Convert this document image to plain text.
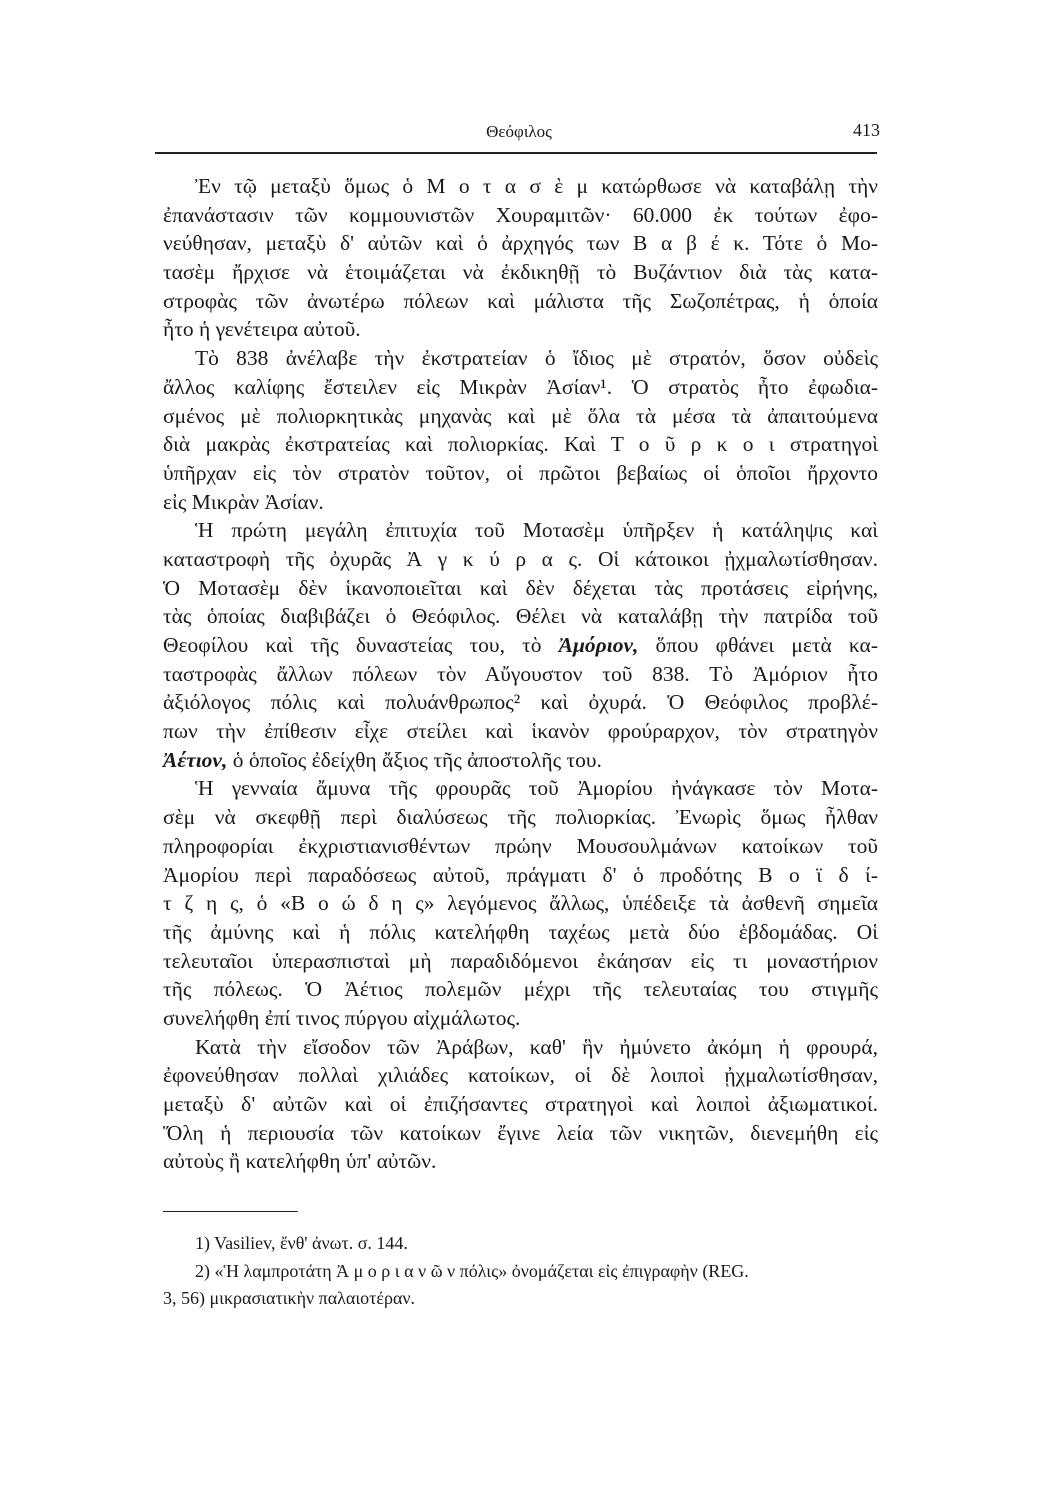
Θεόφιλος	413
Ἐν τῷ μεταξὺ ὅμως ὁ Μ ο τ α σ ὲ μ κατώρθωσε νὰ καταβάλῃ τὴν
ἐπανάστασιν τῶν κομμουνιστῶν Χουραμιτῶν· 60.000 ἐκ τούτων ἐφο-
νεύθησαν, μεταξὺ δ' αὐτῶν καὶ ὁ ἀρχηγός των Β α β έ κ. Τότε ὁ Μο-
τασὲμ ἤρχισε νὰ ἑτοιμάζεται νὰ ἐκδικηθῇ τὸ Βυζάντιον διὰ τὰς κατα-
στροφὰς τῶν ἀνωτέρω πόλεων καὶ μάλιστα τῆς Σωζοπέτρας, ἡ ὁποία
ἦτο ἡ γενέτειρα αὐτοῦ.
Τὸ 838 ἀνέλαβε τὴν ἐκστρατείαν ὁ ἴδιος μὲ στρατόν, ὅσον οὐδεὶς
ἄλλος καλίφης ἔστειλεν εἰς Μικρὰν Ἀσίαν¹. Ὁ στρατὸς ἦτο ἐφωδια-
σμένος μὲ πολιορκητικὰς μηχανὰς καὶ μὲ ὅλα τὰ μέσα τὰ ἀπαιτούμενα
διὰ μακρὰς ἐκστρατείας καὶ πολιορκίας. Καὶ Τ ο ῦ ρ κ ο ι στρατηγοὶ
ὑπῆρχαν εἰς τὸν στρατὸν τοῦτον, οἱ πρῶτοι βεβαίως οἱ ὁποῖοι ἤρχοντο
εἰς Μικρὰν Ἀσίαν.
Ἡ πρώτη μεγάλη ἐπιτυχία τοῦ Μοτασὲμ ὑπῆρξεν ἡ κατάληψις καὶ
καταστροφὴ τῆς ὀχυρᾶς Ἀ γ κ ύ ρ α ς. Οἱ κάτοικοι ᾐχμαλωτίσθησαν.
Ὁ Μοτασὲμ δὲν ἱκανοποιεῖται καὶ δὲν δέχεται τὰς προτάσεις εἰρήνης,
τὰς ὁποίας διαβιβάζει ὁ Θεόφιλος. Θέλει νὰ καταλάβῃ τὴν πατρίδα τοῦ
Θεοφίλου καὶ τῆς δυναστείας του, τὸ Ἀμόριον, ὅπου φθάνει μετὰ κα-
ταστροφὰς ἄλλων πόλεων τὸν Αὔγουστον τοῦ 838. Τὸ Ἀμόριον ἦτο
ἀξιόλογος πόλις καὶ πολυάνθρωπος² καὶ ὀχυρά. Ὁ Θεόφιλος προβλέ-
πων τὴν ἐπίθεσιν εἶχε στείλει καὶ ἱκανὸν φρούραρχον, τὸν στρατηγὸν
Ἀέτιον, ὁ ὁποῖος ἐδείχθη ἄξιος τῆς ἀποστολῆς του.
Ἡ γενναία ἄμυνα τῆς φρουρᾶς τοῦ Ἀμορίου ἠνάγκασε τὸν Μοτα-
σὲμ νὰ σκεφθῇ περὶ διαλύσεως τῆς πολιορκίας. Ἐνωρὶς ὅμως ἦλθαν
πληροφορίαι ἐκχριστιανισθέντων πρώην Μουσουλμάνων κατοίκων τοῦ
Ἀμορίου περὶ παραδόσεως αὐτοῦ, πράγματι δ' ὁ προδότης Β ο ϊ δ ί-
τ ζ η ς, ὁ «Β ο ώ δ η ς» λεγόμενος ἄλλως, ὑπέδειξε τὰ ἀσθενῆ σημεῖα
τῆς ἀμύνης καὶ ἡ πόλις κατελήφθη ταχέως μετὰ δύο ἑβδομάδας. Οἱ
τελευταῖοι ὑπερασπισταὶ μὴ παραδιδόμενοι ἐκάησαν εἰς τι μοναστήριον
τῆς πόλεως. Ὁ Ἀέτιος πολεμῶν μέχρι τῆς τελευταίας του στιγμῆς
συνελήφθη ἐπί τινος πύργου αἰχμάλωτος.
Κατὰ τὴν εἴσοδον τῶν Ἀράβων, καθ' ἣν ἠμύνετο ἀκόμη ἡ φρουρά,
ἐφονεύθησαν πολλαὶ χιλιάδες κατοίκων, οἱ δὲ λοιποὶ ᾐχμαλωτίσθησαν,
μεταξὺ δ' αὐτῶν καὶ οἱ ἐπιζήσαντες στρατηγοὶ καὶ λοιποὶ ἀξιωματικοί.
Ὅλη ἡ περιουσία τῶν κατοίκων ἔγινε λεία τῶν νικητῶν, διενεμήθη εἰς
αὐτοὺς ἢ κατελήφθη ὑπ' αὐτῶν.
1) Vasiliev, ἔνθ' ἀνωτ. σ. 144.
2) «Ἡ λαμπροτάτη Ἀ μ ο ρ ι α ν ῶ ν πόλις» ὀνομάζεται εἰς ἐπιγραφὴν (REG.
3, 56) μικρασιατικὴν παλαιοτέραν.
